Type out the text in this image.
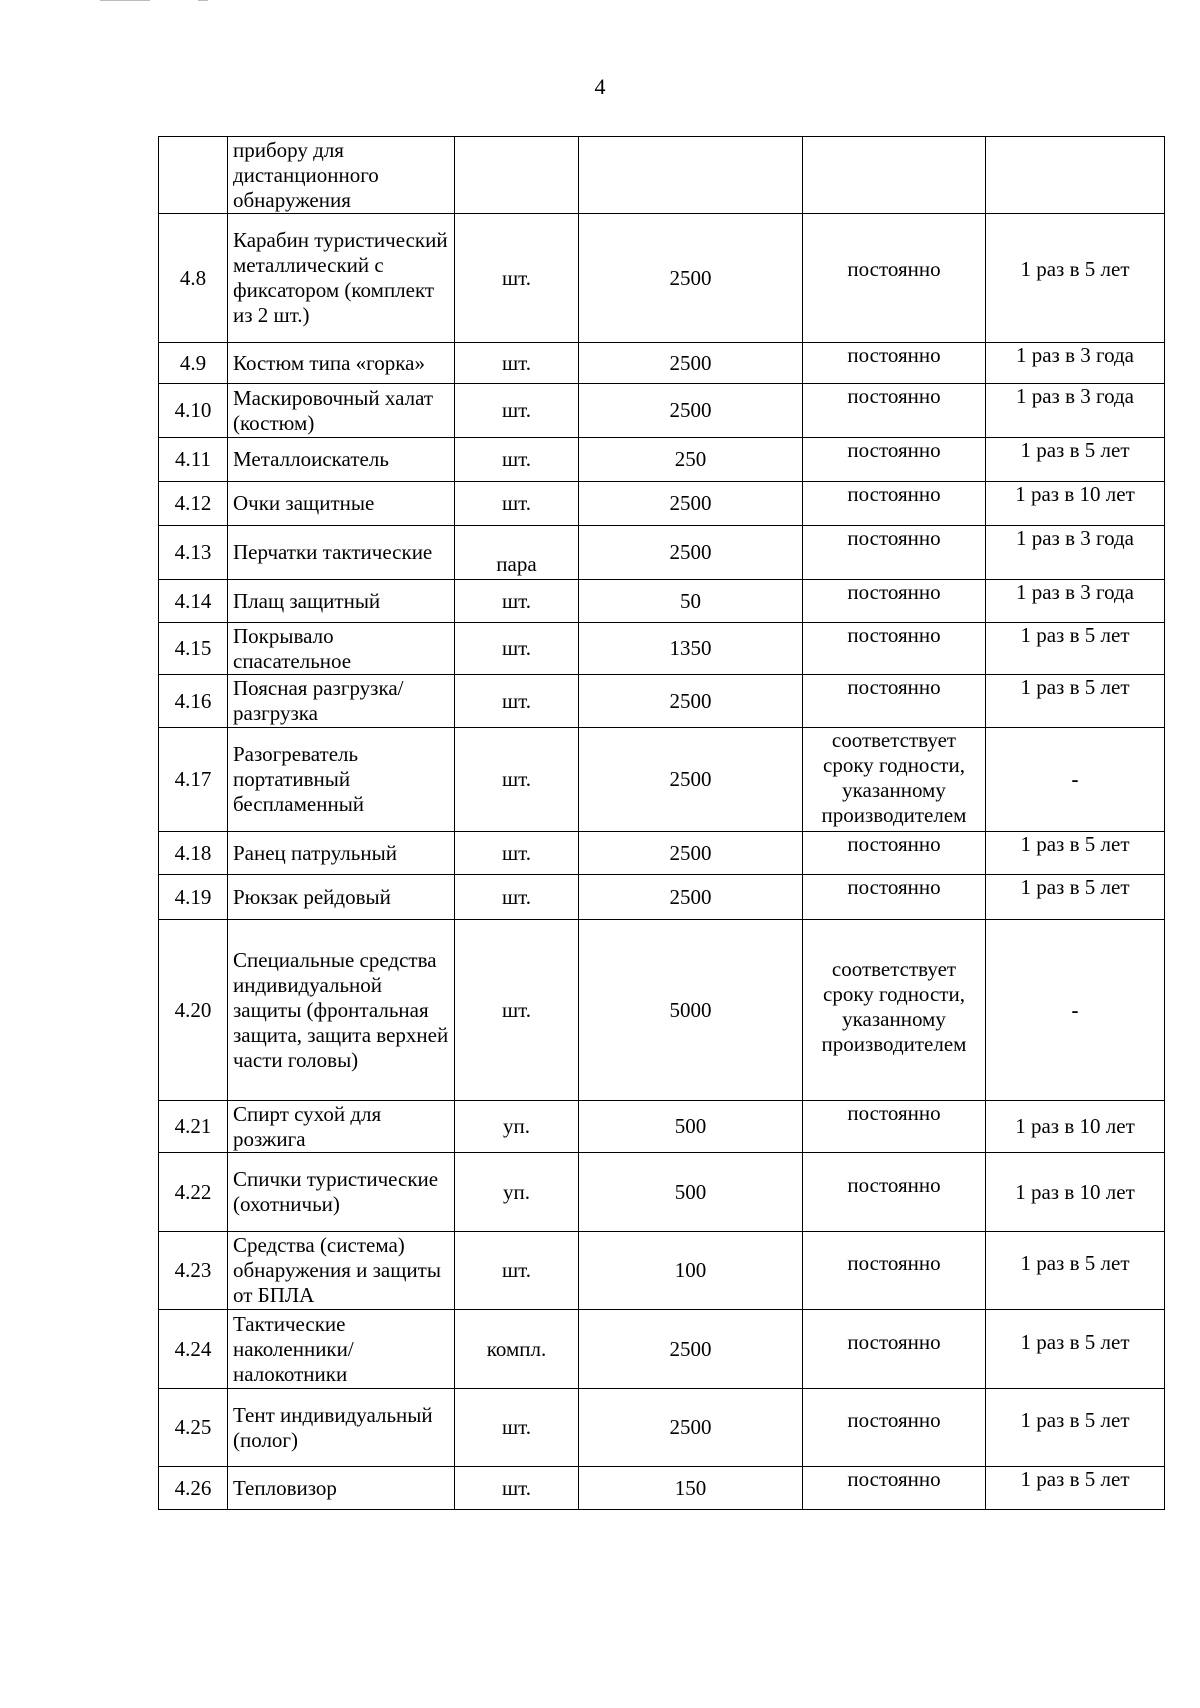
4
	прибору для дистанционного обнаружения				
4.8	Карабин туристический металлический с фиксатором (комплект из 2 шт.)	шт.	2500	постоянно	1 раз в 5 лет
4.9	Костюм типа «горка»	шт.	2500	постоянно	1 раз в 3 года
4.10	Маскировочный халат (костюм)	шт.	2500	постоянно	1 раз в 3 года
4.11	Металлоискатель	шт.	250	постоянно	1 раз в 5 лет
4.12	Очки защитные	шт.	2500	постоянно	1 раз в 10 лет
4.13	Перчатки тактические	пара	2500	постоянно	1 раз в 3 года
4.14	Плащ защитный	шт.	50	постоянно	1 раз в 3 года
4.15	Покрывало спасательное	шт.	1350	постоянно	1 раз в 5 лет
4.16	Поясная разгрузка/ разгрузка	шт.	2500	постоянно	1 раз в 5 лет
4.17	Разогреватель портативный беспламенный	шт.	2500	соответствует сроку годности, указанному производителем	-
4.18	Ранец патрульный	шт.	2500	постоянно	1 раз в 5 лет
4.19	Рюкзак рейдовый	шт.	2500	постоянно	1 раз в 5 лет
4.20	Специальные средства индивидуальной защиты (фронтальная защита, защита верхней части головы)	шт.	5000	соответствует сроку годности, указанному производителем	-
4.21	Спирт сухой для розжига	уп.	500	постоянно	1 раз в 10 лет
4.22	Спички туристические (охотничьи)	уп.	500	постоянно	1 раз в 10 лет
4.23	Средства (система) обнаружения и защиты от БПЛА	шт.	100	постоянно	1 раз в 5 лет
4.24	Тактические наколенники/ налокотники	компл.	2500	постоянно	1 раз в 5 лет
4.25	Тент индивидуальный (полог)	шт.	2500	постоянно	1 раз в 5 лет
4.26	Тепловизор	шт.	150	постоянно	1 раз в 5 лет
